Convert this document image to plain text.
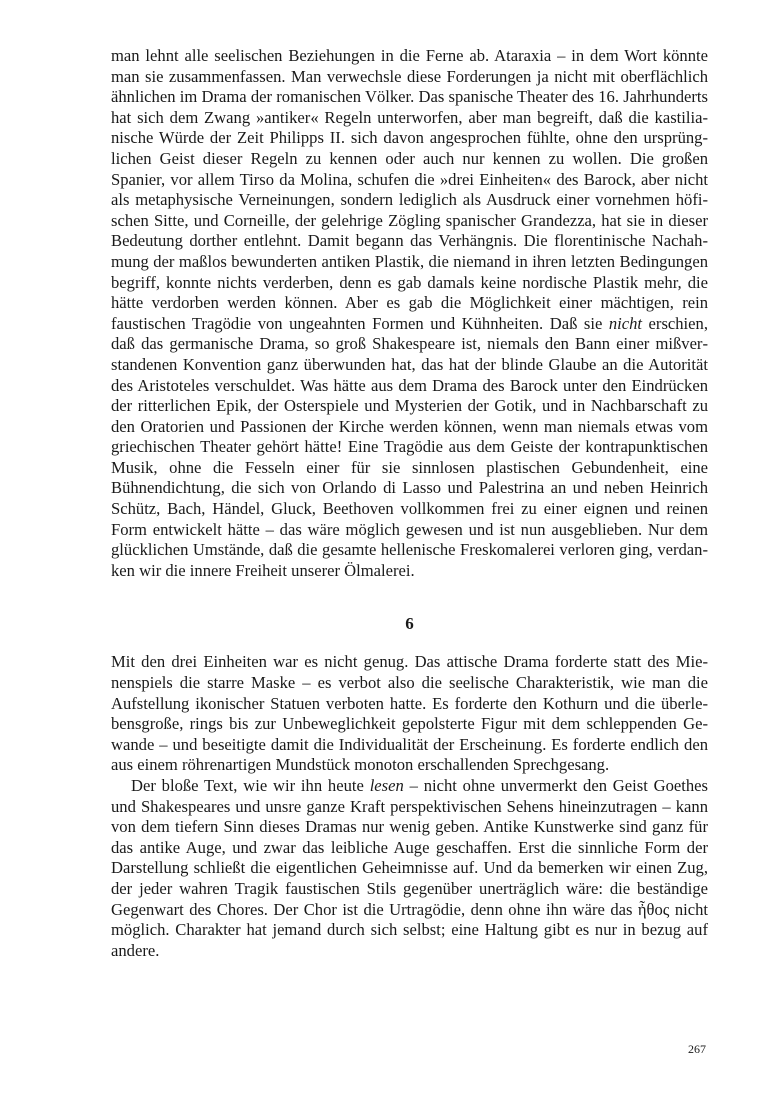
man lehnt alle seelischen Beziehungen in die Ferne ab. Ataraxia – in dem Wort könnte man sie zusammenfassen. Man verwechsle diese Forderungen ja nicht mit oberflächlich ähnlichen im Drama der romanischen Völker. Das spanische Theater des 16. Jahrhunderts hat sich dem Zwang »antiker« Regeln unterworfen, aber man begreift, daß die kastilianische Würde der Zeit Philipps II. sich davon angesprochen fühlte, ohne den ursprünglichen Geist dieser Regeln zu kennen oder auch nur kennen zu wollen. Die großen Spanier, vor allem Tirso da Molina, schufen die »drei Einheiten« des Barock, aber nicht als metaphysische Verneinungen, sondern lediglich als Ausdruck einer vornehmen höfischen Sitte, und Corneille, der gelehrige Zögling spanischer Grandezza, hat sie in dieser Bedeutung dorther entlehnt. Damit begann das Verhängnis. Die florentinische Nachahmung der maßlos bewunderten antiken Plastik, die niemand in ihren letzten Bedingungen begriff, konnte nichts verderben, denn es gab damals keine nordische Plastik mehr, die hätte verdorben werden können. Aber es gab die Möglichkeit einer mächtigen, rein faustischen Tragödie von ungeahnten Formen und Kühnheiten. Daß sie nicht erschien, daß das germanische Drama, so groß Shakespeare ist, niemals den Bann einer mißverstandenen Konvention ganz überwunden hat, das hat der blinde Glaube an die Autorität des Aristoteles verschuldet. Was hätte aus dem Drama des Barock unter den Eindrücken der ritterlichen Epik, der Osterspiele und Mysterien der Gotik, und in Nachbarschaft zu den Oratorien und Passionen der Kirche werden können, wenn man niemals etwas vom griechischen Theater gehört hätte! Eine Tragödie aus dem Geiste der kontrapunktischen Musik, ohne die Fesseln einer für sie sinnlosen plastischen Gebundenheit, eine Bühnendichtung, die sich von Orlando di Lasso und Palestrina an und neben Heinrich Schütz, Bach, Händel, Gluck, Beethoven vollkommen frei zu einer eignen und reinen Form entwickelt hätte – das wäre möglich gewesen und ist nun ausgeblieben. Nur dem glücklichen Umstände, daß die gesamte hellenische Freskomalerei verloren ging, verdanken wir die innere Freiheit unserer Ölmalerei.

6

Mit den drei Einheiten war es nicht genug. Das attische Drama forderte statt des Mienenspiels die starre Maske – es verbot also die seelische Charakteristik, wie man die Aufstellung ikonischer Statuen verboten hatte. Es forderte den Kothurn und die überlebensgroße, rings bis zur Unbeweglichkeit gepolsterte Figur mit dem schleppenden Gewande – und beseitigte damit die Individualität der Erscheinung. Es forderte endlich den aus einem röhrenartigen Mundstück monoton erschallenden Sprechgesang.

Der bloße Text, wie wir ihn heute lesen – nicht ohne unvermerkt den Geist Goethes und Shakespeares und unsre ganze Kraft perspektivischen Sehens hineinzutragen – kann von dem tiefern Sinn dieses Dramas nur wenig geben. Antike Kunstwerke sind ganz für das antike Auge, und zwar das leibliche Auge geschaffen. Erst die sinnliche Form der Darstellung schließt die eigentlichen Geheimnisse auf. Und da bemerken wir einen Zug, der jeder wahren Tragik faustischen Stils gegenüber unerträglich wäre: die beständige Gegenwart des Chores. Der Chor ist die Urtragödie, denn ohne ihn wäre das ἦθος nicht möglich. Charakter hat jemand durch sich selbst; eine Haltung gibt es nur in bezug auf andere.

267
